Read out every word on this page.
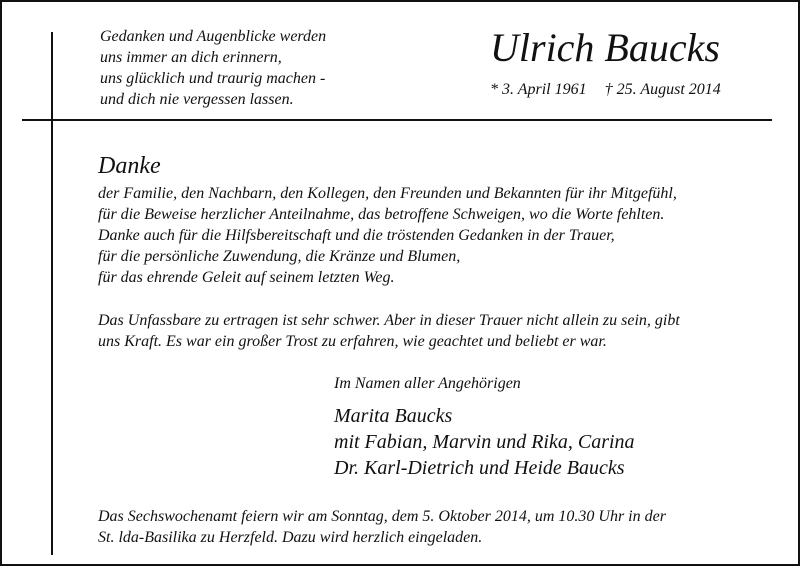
Gedanken und Augenblicke werden
uns immer an dich erinnern,
uns glücklich und traurig machen -
und dich nie vergessen lassen.
Ulrich Baucks
* 3. April 1961 † 25. August 2014
Danke
der Familie, den Nachbarn, den Kollegen, den Freunden und Bekannten für ihr Mitgefühl,
für die Beweise herzlicher Anteilnahme, das betroffene Schweigen, wo die Worte fehlten.
Danke auch für die Hilfsbereitschaft und die tröstenden Gedanken in der Trauer,
für die persönliche Zuwendung, die Kränze und Blumen,
für das ehrende Geleit auf seinem letzten Weg.
Das Unfassbare zu ertragen ist sehr schwer. Aber in dieser Trauer nicht allein zu sein, gibt
uns Kraft. Es war ein großer Trost zu erfahren, wie geachtet und beliebt er war.
Im Namen aller Angehörigen
Marita Baucks
mit Fabian, Marvin und Rika, Carina
Dr. Karl-Dietrich und Heide Baucks
Das Sechswochenamt feiern wir am Sonntag, dem 5. Oktober 2014, um 10.30 Uhr in der
St. lda-Basilika zu Herzfeld. Dazu wird herzlich eingeladen.
